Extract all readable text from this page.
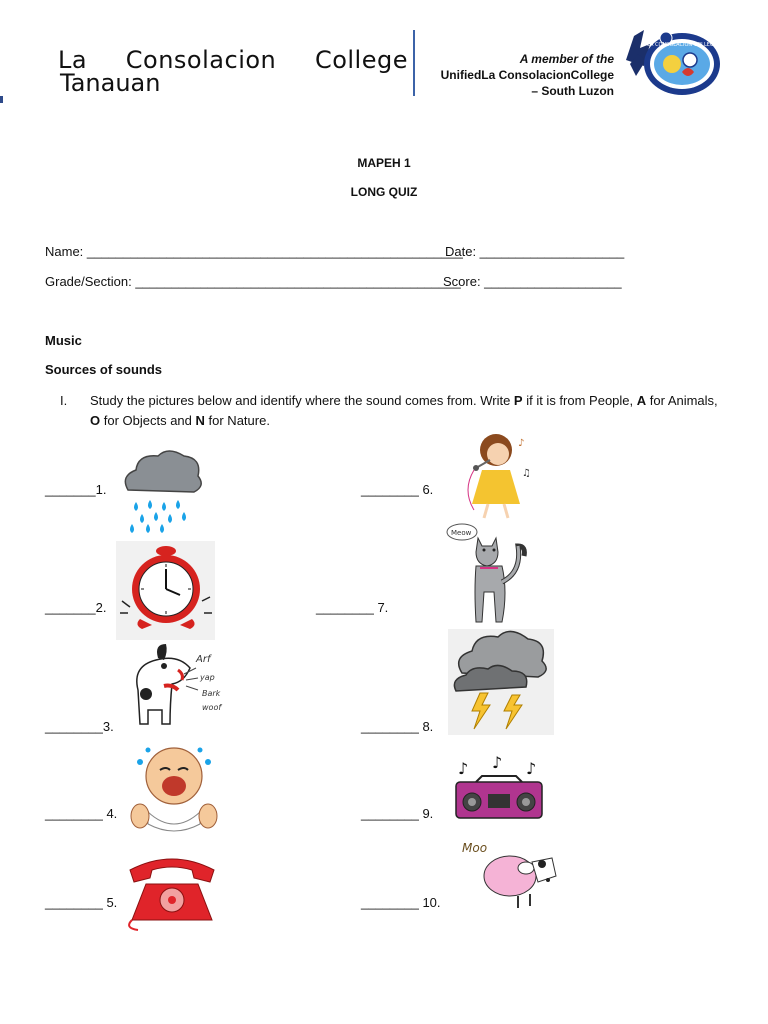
La Consolacion College
Tanauan
A member of the
UnifiedLa ConsolacionCollege
– South Luzon
LA CONSOLACION COLLEGE
MAPEH 1
LONG QUIZ
Name: ____________________________________________________
Date: ____________________
Grade/Section: _____________________________________________
Score: ___________________
Music
Sources of sounds
I. Study the pictures below and identify where the sound comes from. Write P if it is from People, A for Animals, O for Objects and N for Nature.
_______1.
_______2.
________3.
________ 4.
________ 5.
________ 6.
________ 7.
________ 8.
________ 9.
________ 10.
Arf
yap
Bark
woof
♪
♫
Meow
♪ ♪ ♪
Moo
